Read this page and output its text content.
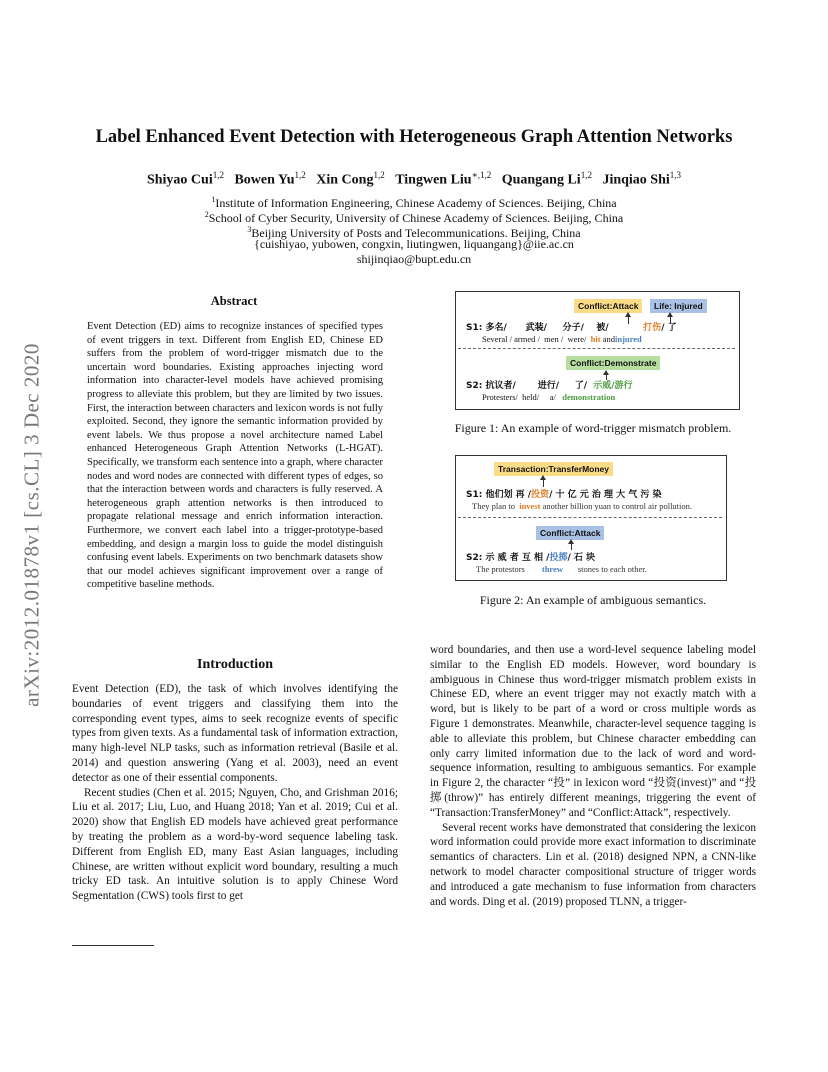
arXiv:2012.01878v1 [cs.CL] 3 Dec 2020
Label Enhanced Event Detection with Heterogeneous Graph Attention Networks
Shiyao Cui$^{1,2}$ Bowen Yu$^{1,2}$ Xin Cong$^{1,2}$ Tingwen Liu$^{∗,1,2}$ Quangang Li$^{1,2}$ Jinqiao Shi$^{1,3}$
$^1$Institute of Information Engineering, Chinese Academy of Sciences. Beijing, China
$^2$School of Cyber Security, University of Chinese Academy of Sciences. Beijing, China
$^3$Beijing University of Posts and Telecommunications. Beijing, China
{cuishiyao, yubowen, congxin, liutingwen, liquangang}@iie.ac.cn
shijinqiao@bupt.edu.cn
Abstract
Event Detection (ED) aims to recognize instances of specified types of event triggers in text. Different from English ED, Chinese ED suffers from the problem of word-trigger mismatch due to the uncertain word boundaries. Existing approaches injecting word information into character-level models have achieved promising progress to alleviate this problem, but they are limited by two issues. First, the interaction between characters and lexicon words is not fully exploited. Second, they ignore the semantic information provided by event labels. We thus propose a novel architecture named Label enhanced Heterogeneous Graph Attention Networks (L-HGAT). Specifically, we transform each sentence into a graph, where character nodes and word nodes are connected with different types of edges, so that the interaction between words and characters is fully reserved. A heterogeneous graph attention networks is then introduced to propagate relational message and enrich information interaction. Furthermore, we convert each label into a trigger-prototype-based embedding, and design a margin loss to guide the model distinguish confusing event labels. Experiments on two benchmark datasets show that our model achieves significant improvement over a range of competitive baseline methods.
Introduction

Event Detection (ED), the task of which involves identifying the boundaries of event triggers and classifying them into the corresponding event types, aims to seek recognize events of specific types from given texts. As a fundamental task of information extraction, many high-level NLP tasks, such as information retrieval (Basile et al. 2014) and question answering (Yang et al. 2003), need an event detector as one of their essential components.

Recent studies (Chen et al. 2015; Nguyen, Cho, and Grishman 2016; Liu et al. 2017; Liu, Luo, and Huang 2018; Yan et al. 2019; Cui et al. 2020) show that English ED models have achieved great performance by treating the problem as a word-by-word sequence labeling task. Different from English ED, many East Asian languages, including Chinese, are written without explicit word boundary, resulting a much tricky ED task. An intuitive solution is to apply Chinese Word Segmentation (CWS) tools first to get

word boundaries, and then use a word-level sequence labeling model similar to the English ED models. However, word boundary is ambiguous in Chinese thus word-trigger mismatch problem exists in Chinese ED, where an event trigger may not exactly match with a word, but is likely to be part of a word or cross multiple words as Figure 1 demonstrates. Meanwhile, character-level sequence tagging is able to alleviate this problem, but Chinese character embedding can only carry limited information due to the lack of word and word-sequence information, resulting to ambiguous semantics. For example in Figure 2, the character “投” in lexicon word “投资(invest)” and “投掷(throw)” has entirely different meanings, triggering the event of “Transaction:TransferMoney” and “Conflict:Attack”, respectively.

Several recent works have demonstrated that considering the lexicon word information could provide more exact information to discriminate semantics of characters. Lin et al. (2018) designed NPN, a CNN-like network to model character compositional structure of trigger words and introduced a gate mechanism to fuse information from characters and words. Ding et al. (2019) proposed TLNN, a trigger-

Conflict:Attack	Life: Injured
S1: 多名/ 武装/ 分子/ 被/	打伤/ 了
Several / armed / men / were/ hit andinjured
Conflict:Demonstrate
S2: 抗议者/ 进行/ 了/ 示威/游行
Protesters/ held/ a/ demonstration
Figure 1: An example of word-trigger mismatch problem.
Transaction:TransferMoney
S1: 他们划 再 /投资/ 十 亿 元 治 理 大 气 污 染
They plan to invest another billion yuan to control air pollution.
Conflict:Attack
S2: 示 威 者 互 相 /投掷/ 石 块
The protestors threw stones to each other.
Figure 2: An example of ambiguous semantics.
